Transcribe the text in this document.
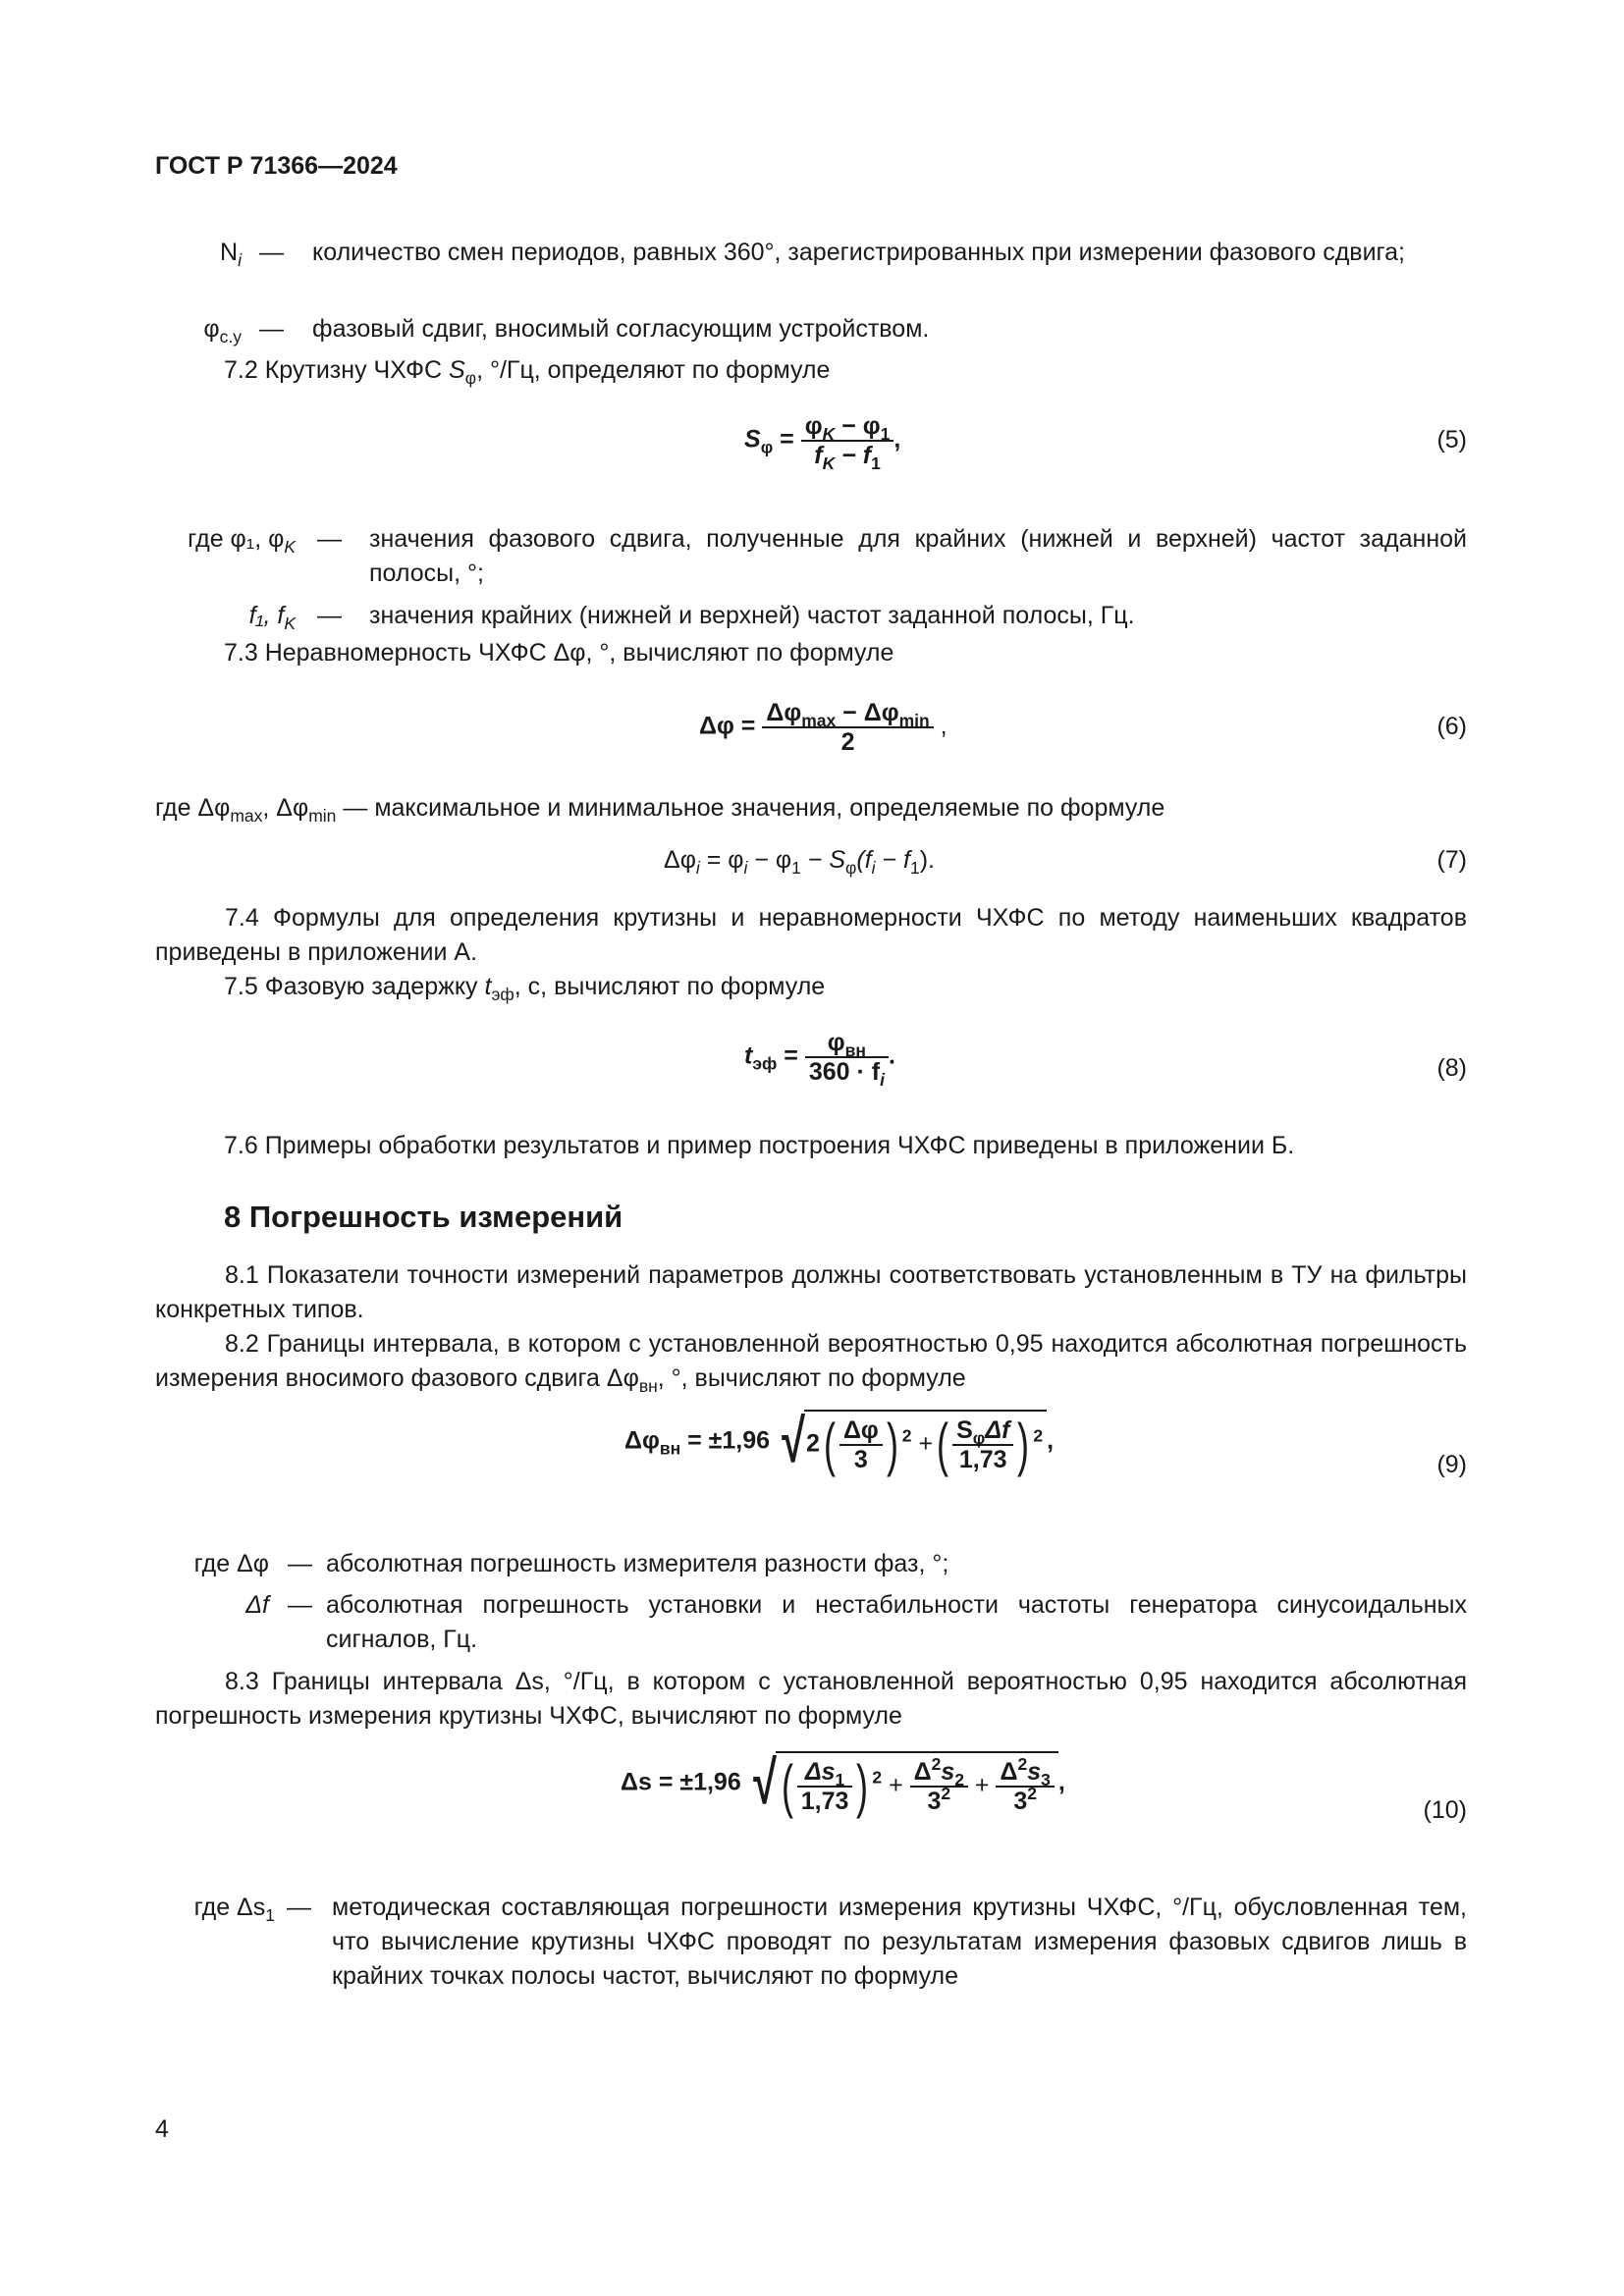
ГОСТ Р 71366—2024
$N_i$ — количество смен периодов, равных 360°, зарегистрированных при измерении фазового сдвига;
$\varphi_{с.у}$ — фазовый сдвиг, вносимый согласующим устройством.
7.2 Крутизну ЧХФС $S_\varphi$, °/Гц, определяют по формуле
$S_\varphi = \frac{\varphi_K - \varphi_1}{f_K - f_1}$ ,	(5)
где φ₁, $\varphi_K$ — значения фазового сдвига, полученные для крайних (нижней и верхней) частот заданной полосы, °;
f₁, $f_K$ — значения крайних (нижней и верхней) частот заданной полосы, Гц.
7.3 Неравномерность ЧХФС Δφ, °, вычисляют по формуле
$\Delta\varphi = \frac{\Delta\varphi_{max} - \Delta\varphi_{min}}{2}$ ,	(6)
где $\Delta\varphi_{max}$, $\Delta\varphi_{min}$ — максимальное и минимальное значения, определяемые по формуле
$\Delta\varphi_i = \varphi_i - \varphi_1 - S_\varphi(f_i - f_1)$.	(7)
7.4 Формулы для определения крутизны и неравномерности ЧХФС по методу наименьших квадратов приведены в приложении А.
7.5 Фазовую задержку $t_{эф}$, с, вычисляют по формуле
$t_{эф} = \frac{\varphi_{вн}}{360 \cdot f_i}$ .	(8)
7.6 Примеры обработки результатов и пример построения ЧХФС приведены в приложении Б.
8 Погрешность измерений
8.1 Показатели точности измерений параметров должны соответствовать установленным в ТУ на фильтры конкретных типов.
8.2 Границы интервала, в котором с установленной вероятностью 0,95 находится абсолютная погрешность измерения вносимого фазового сдвига $\Delta\varphi_{вн}$, °, вычисляют по формуле
$\Delta\varphi_{вн} = \pm 1,96$ $√2( \frac{\Delta\varphi}{3}$ ) $^2$ +( $\frac{S_\varphi\Delta f}{1,73}$ ) $^2$ ,
(9)
где Δφ — абсолютная погрешность измерителя разности фаз, °;
Δf — абсолютная погрешность установки и нестабильности частоты генератора синусоидальных сигналов, Гц.
8.3 Границы интервала Δs, °/Гц, в котором с установленной вероятностью 0,95 находится абсолютная погрешность измерения крутизны ЧХФС, вычисляют по формуле
Δs = ±1,96 √( $\frac{\Delta s_1}{1,73}$ ) $^2 + \frac{\Delta^2s_2}{3^2} + \frac{\Delta^2s_3}{3^2}$ ,
(10)
где $\Delta s_1$ — методическая составляющая погрешности измерения крутизны ЧХФС, °/Гц, обусловленная тем, что вычисление крутизны ЧХФС проводят по результатам измерения фазовых сдвигов лишь в крайних точках полосы частот, вычисляют по формуле
4
